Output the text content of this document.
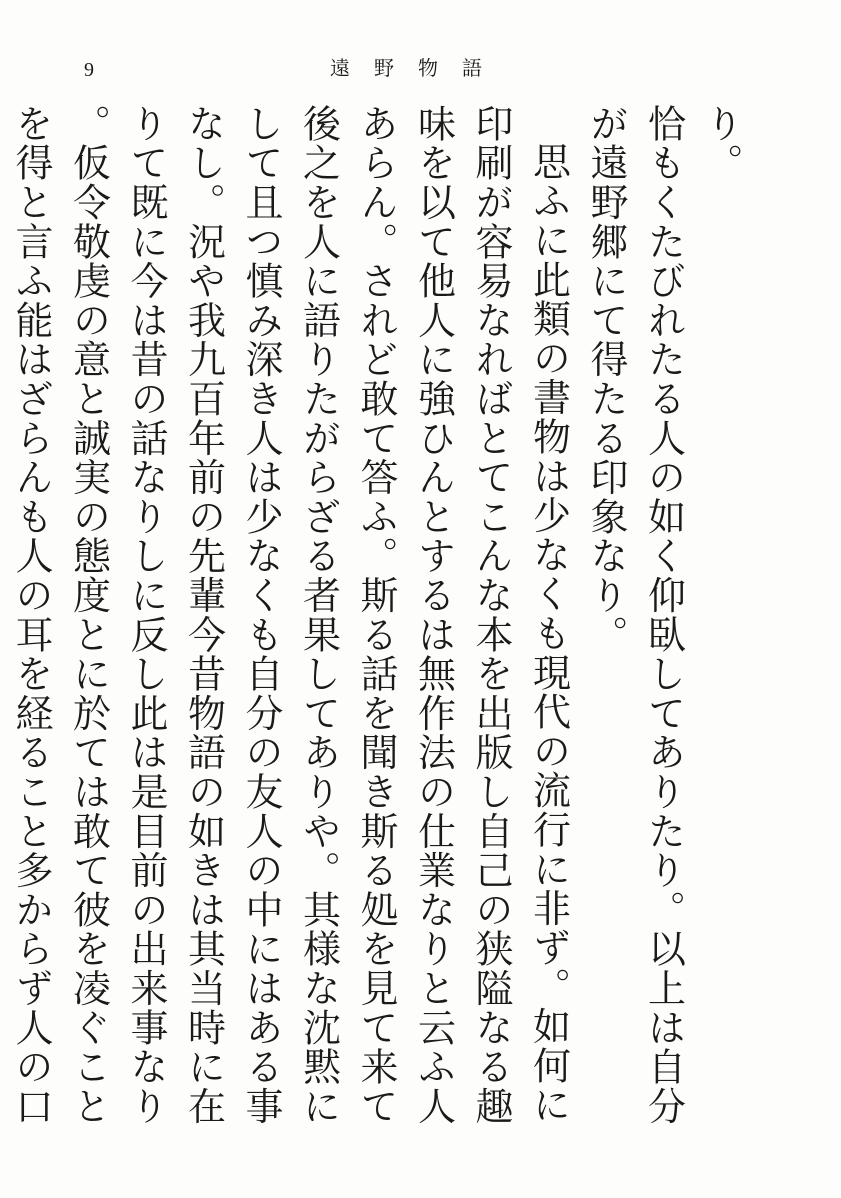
9	遠野物語

り。

恰もくたびれたる人の如く仰臥してありたり。以上は自分が遠野郷にて得たる印象なり。

思ふに此類の書物は少なくも現代の流行に非ず。如何に印刷が容易なればとてこんな本を出版し自己の狭隘なる趣味を以て他人に強ひんとするは無作法の仕業なりと云ふ人あらん。されど敢て答ふ。斯る話を聞き斯る処を見て来て後之を人に語りたがらざる者果してありや。其様な沈黙にして且つ慎み深き人は少なくも自分の友人の中にはある事なし。況や我九百年前の先輩今昔物語の如きは其当時に在りて既に今は昔の話なりしに反し此は是目前の出来事なり。仮令敬虔の意と誠実の態度とに於ては敢て彼を凌ぐことを得と言ふ能はざらんも人の耳を経ること多からず人の口
